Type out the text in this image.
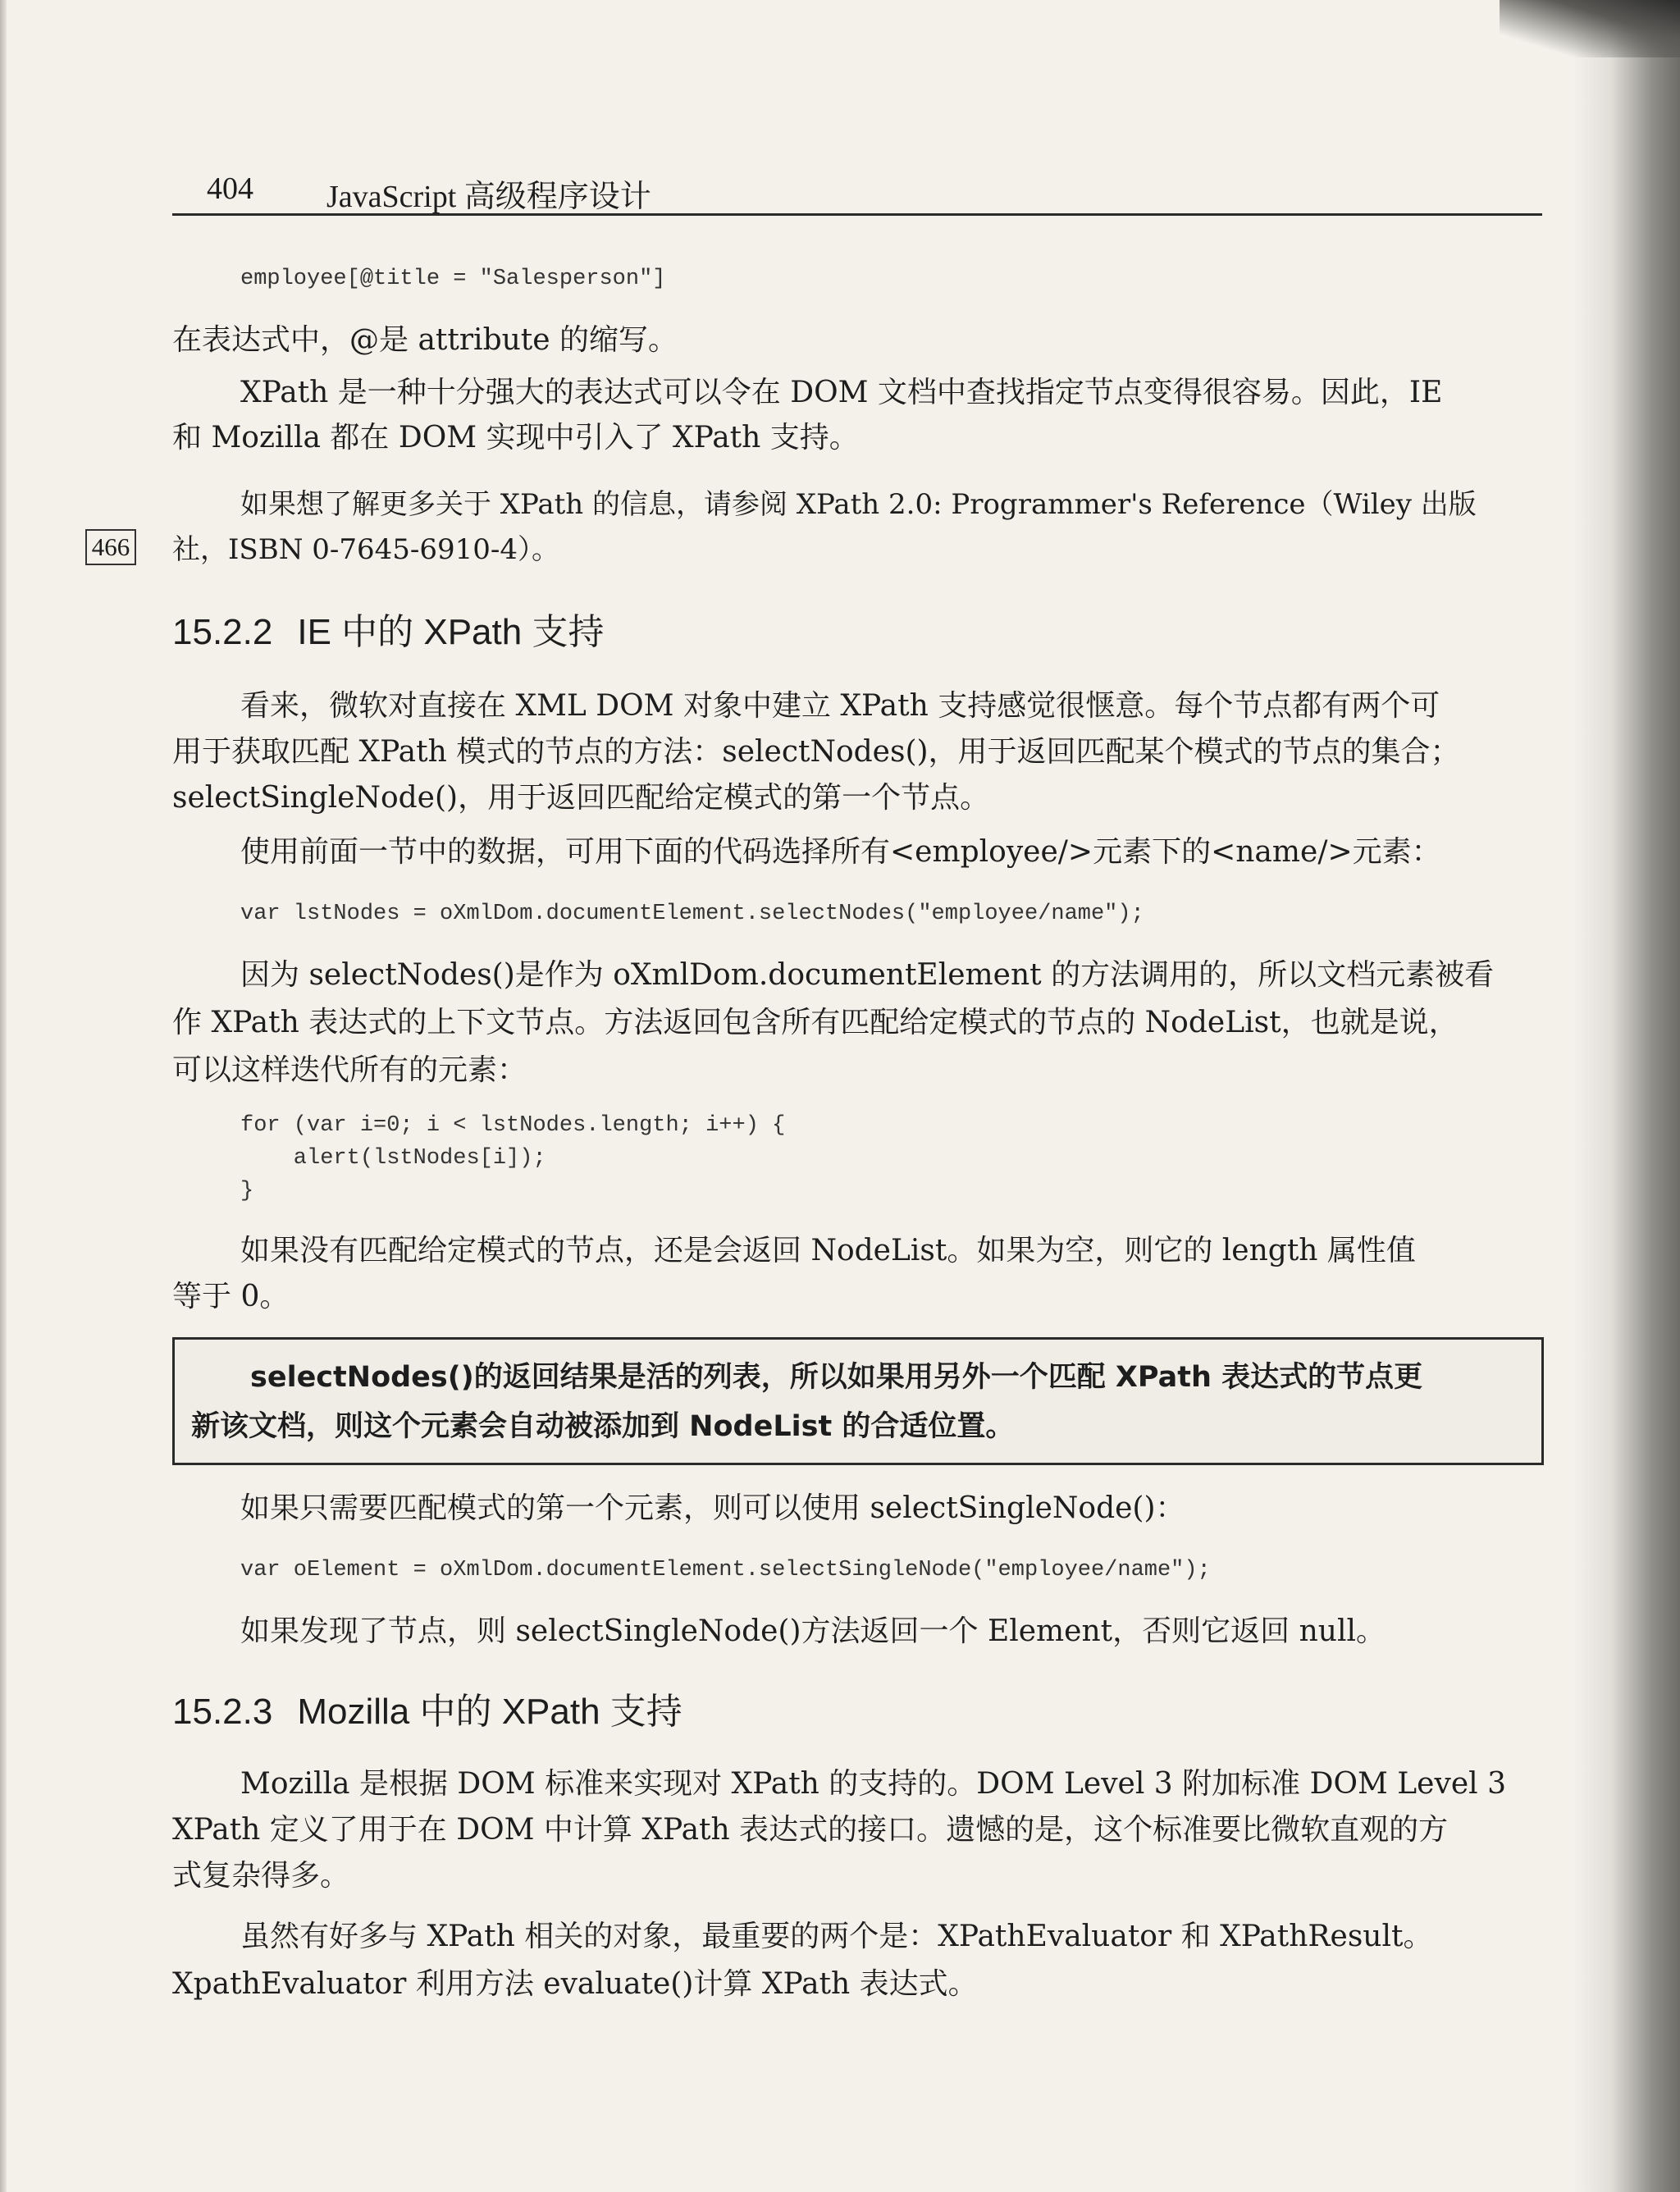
404 JavaScript 高级程序设计
466
employee[@title = "Salesperson"]
在表达式中，@是 attribute 的缩写。
XPath 是一种十分强大的表达式可以令在 DOM 文档中查找指定节点变得很容易。因此，IE
和 Mozilla 都在 DOM 实现中引入了 XPath 支持。
如果想了解更多关于 XPath 的信息，请参阅 XPath 2.0: Programmer's Reference（Wiley 出版
社，ISBN 0-7645-6910-4）。
15.2.2 IE 中的 XPath 支持
看来，微软对直接在 XML DOM 对象中建立 XPath 支持感觉很惬意。每个节点都有两个可
用于获取匹配 XPath 模式的节点的方法：selectNodes()，用于返回匹配某个模式的节点的集合；
selectSingleNode()，用于返回匹配给定模式的第一个节点。
使用前面一节中的数据，可用下面的代码选择所有<employee/>元素下的<name/>元素：
var lstNodes = oXmlDom.documentElement.selectNodes("employee/name");
因为 selectNodes()是作为 oXmlDom.documentElement 的方法调用的，所以文档元素被看
作 XPath 表达式的上下文节点。方法返回包含所有匹配给定模式的节点的 NodeList，也就是说，
可以这样迭代所有的元素：
for (var i=0; i < lstNodes.length; i++) {
alert(lstNodes[i]);
}
如果没有匹配给定模式的节点，还是会返回 NodeList。如果为空，则它的 length 属性值
等于 0。
selectNodes()的返回结果是活的列表，所以如果用另外一个匹配 XPath 表达式的节点更
新该文档，则这个元素会自动被添加到 NodeList 的合适位置。
如果只需要匹配模式的第一个元素，则可以使用 selectSingleNode()：
var oElement = oXmlDom.documentElement.selectSingleNode("employee/name");
如果发现了节点，则 selectSingleNode()方法返回一个 Element，否则它返回 null。
15.2.3 Mozilla 中的 XPath 支持
Mozilla 是根据 DOM 标准来实现对 XPath 的支持的。DOM Level 3 附加标准 DOM Level 3
XPath 定义了用于在 DOM 中计算 XPath 表达式的接口。遗憾的是，这个标准要比微软直观的方
式复杂得多。
虽然有好多与 XPath 相关的对象，最重要的两个是：XPathEvaluator 和 XPathResult。
XpathEvaluator 利用方法 evaluate()计算 XPath 表达式。
